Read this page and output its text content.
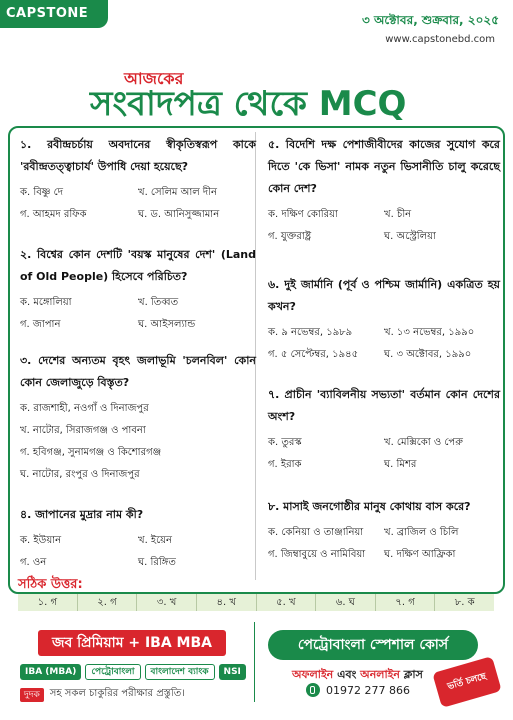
CAPSTONE	৩ অক্টোবর, শুক্রবার, ২০২৫
www.capstonebd.com
আজকের
সংবাদপত্র থেকে MCQ
১. রবীন্দ্রচর্চায় অবদানের স্বীকৃতিস্বরূপ কাকে 'রবীন্দ্রতত্ত্বাচার্য' উপাধি দেয়া হয়েছে?
ক. বিষ্ণু দে	খ. সেলিম আল দীন
গ. আহমদ রফিক	ঘ. ড. আনিসুজ্জামান
২. বিশ্বের কোন দেশটি 'বয়স্ক মানুষের দেশ' (Land of Old People) হিসেবে পরিচিত?
ক. মঙ্গোলিয়া	খ. তিব্বত
গ. জাপান	ঘ. আইসল্যান্ড
৩. দেশের অন্যতম বৃহৎ জলাভূমি 'চলনবিল' কোন কোন জেলাজুড়ে বিস্তৃত?
ক. রাজশাহী, নওগাঁ ও দিনাজপুর
খ. নাটোর, সিরাজগঞ্জ ও পাবনা
গ. হবিগঞ্জ, সুনামগঞ্জ ও কিশোরগঞ্জ
ঘ. নাটোর, রংপুর ও দিনাজপুর
৪. জাপানের মুদ্রার নাম কী?
ক. ইউয়ান	খ. ইয়েন
গ. ওন	ঘ. রিঙ্গিত
৫. বিদেশি দক্ষ পেশাজীবীদের কাজের সুযোগ করে দিতে 'কে ভিসা' নামক নতুন ভিসানীতি চালু করেছে কোন দেশ?
ক. দক্ষিণ কোরিয়া	খ. চীন
গ. যুক্তরাষ্ট্র	ঘ. অস্ট্রেলিয়া
৬. দুই জার্মানি (পূর্ব ও পশ্চিম জার্মানি) একত্রিত হয় কখন?
ক. ৯ নভেম্বর, ১৯৮৯	খ. ১৩ নভেম্বর, ১৯৯০
গ. ৫ সেপ্টেম্বর, ১৯৪৫	ঘ. ৩ অক্টোবর, ১৯৯০
৭. প্রাচীন 'ব্যাবিলনীয় সভ্যতা' বর্তমান কোন দেশের অংশ?
ক. তুরস্ক	খ. মেক্সিকো ও পেরু
গ. ইরাক	ঘ. মিশর
৮. মাসাই জনগোষ্ঠীর মানুষ কোথায় বাস করে?
ক. কেনিয়া ও তাঞ্জানিয়া	খ. ব্রাজিল ও চিলি
গ. জিম্বাবুয়ে ও নামিবিয়া	ঘ. দক্ষিণ আফ্রিকা
সঠিক উত্তর:
১. গ	২. গ	৩. খ	৪. খ	৫. খ	৬. ঘ	৭. গ	৮. ক
জব প্রিমিয়াম + IBA MBA
IBA (MBA)	পেট্রোবাংলা	বাংলাদেশ ব্যাংক	NSI
দুদক	সহ সকল চাকুরির পরীক্ষার প্রস্তুতি।
পেট্রোবাংলা স্পেশাল কোর্স
অফলাইন এবং অনলাইন ক্লাস
01972 277 866	ভর্তি চলছে
